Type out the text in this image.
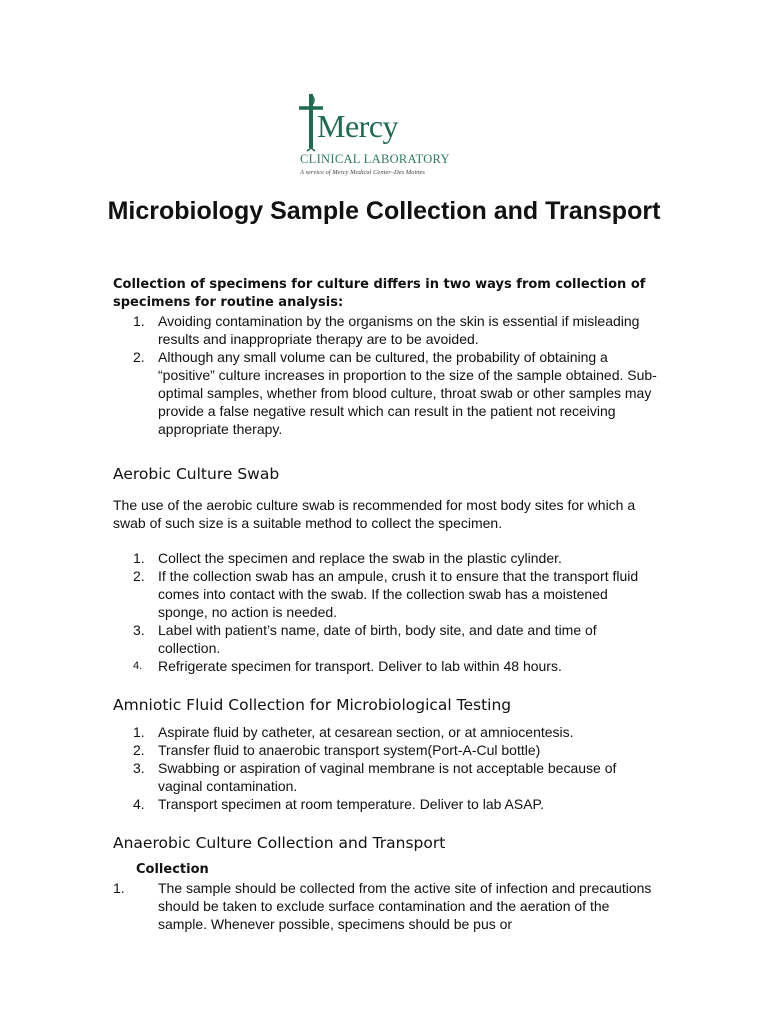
Mercy
CLINICAL LABORATORY
A service of Mercy Medical Center–Des Moines
Microbiology Sample Collection and Transport

Collection of specimens for culture differs in two ways from collection of specimens for routine analysis:

1. Avoiding contamination by the organisms on the skin is essential if misleading results and inappropriate therapy are to be avoided.
2. Although any small volume can be cultured, the probability of obtaining a “positive” culture increases in proportion to the size of the sample obtained. Sub-optimal samples, whether from blood culture, throat swab or other samples may provide a false negative result which can result in the patient not receiving appropriate therapy.
Aerobic Culture Swab

The use of the aerobic culture swab is recommended for most body sites for which a swab of such size is a suitable method to collect the specimen.

1. Collect the specimen and replace the swab in the plastic cylinder.
2. If the collection swab has an ampule, crush it to ensure that the transport fluid comes into contact with the swab. If the collection swab has a moistened sponge, no action is needed.
3. Label with patient’s name, date of birth, body site, and date and time of collection.
4. Refrigerate specimen for transport. Deliver to lab within 48 hours.
Amniotic Fluid Collection for Microbiological Testing
1. Aspirate fluid by catheter, at cesarean section, or at amniocentesis.
2. Transfer fluid to anaerobic transport system(Port-A-Cul bottle)
3. Swabbing or aspiration of vaginal membrane is not acceptable because of vaginal contamination.
4. Transport specimen at room temperature. Deliver to lab ASAP.
Anaerobic Culture Collection and Transport

Collection

1. The sample should be collected from the active site of infection and precautions should be taken to exclude surface contamination and the aeration of the sample. Whenever possible, specimens should be pus or
